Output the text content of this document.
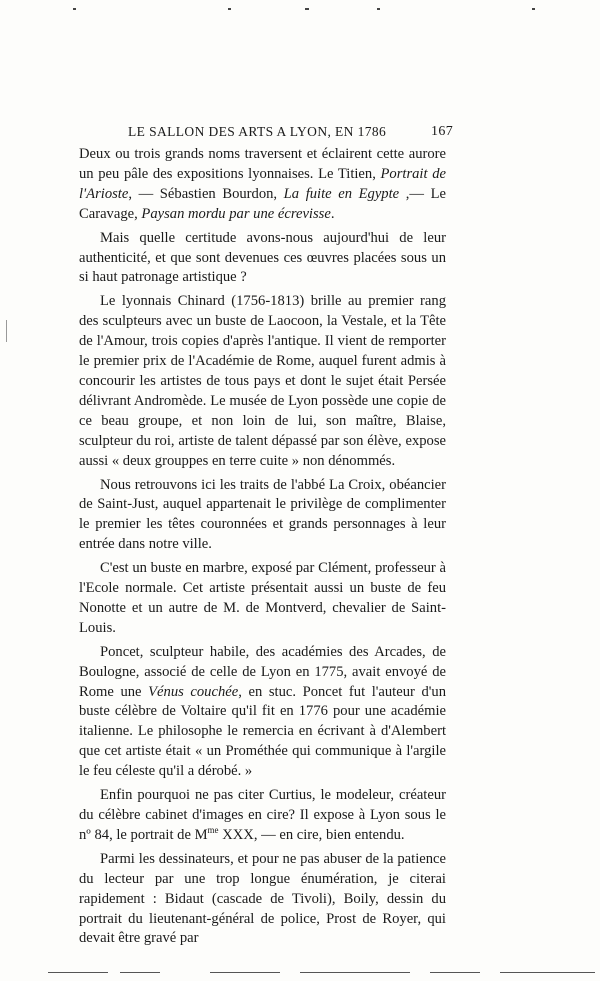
LE SALLON DES ARTS A LYON, EN 1786	167

Deux ou trois grands noms traversent et éclairent cette aurore un peu pâle des expositions lyonnaises. Le Titien, Portrait de l'Arioste, — Sébastien Bourdon, La fuite en Egypte ,— Le Caravage, Paysan mordu par une écrevisse.

Mais quelle certitude avons-nous aujourd'hui de leur authenticité, et que sont devenues ces œuvres placées sous un si haut patronage artistique ?

Le lyonnais Chinard (1756-1813) brille au premier rang des sculpteurs avec un buste de Laocoon, la Vestale, et la Tête de l'Amour, trois copies d'après l'antique. Il vient de remporter le premier prix de l'Académie de Rome, auquel furent admis à concourir les artistes de tous pays et dont le sujet était Persée délivrant Andromède. Le musée de Lyon possède une copie de ce beau groupe, et non loin de lui, son maître, Blaise, sculpteur du roi, artiste de talent dépassé par son élève, expose aussi « deux grouppes en terre cuite » non dénommés.

Nous retrouvons ici les traits de l'abbé La Croix, obéancier de Saint-Just, auquel appartenait le privilège de complimenter le premier les têtes couronnées et grands personnages à leur entrée dans notre ville.

C'est un buste en marbre, exposé par Clément, professeur à l'Ecole normale. Cet artiste présentait aussi un buste de feu Nonotte et un autre de M. de Montverd, chevalier de Saint-Louis.

Poncet, sculpteur habile, des académies des Arcades, de Boulogne, associé de celle de Lyon en 1775, avait envoyé de Rome une Vénus couchée, en stuc. Poncet fut l'auteur d'un buste célèbre de Voltaire qu'il fit en 1776 pour une académie italienne. Le philosophe le remercia en écrivant à d'Alembert que cet artiste était « un Prométhée qui communique à l'argile le feu céleste qu'il a dérobé. »

Enfin pourquoi ne pas citer Curtius, le modeleur, créateur du célèbre cabinet d'images en cire? Il expose à Lyon sous le nº 84, le portrait de $M^{me}$ XXX, — en cire, bien entendu.

Parmi les dessinateurs, et pour ne pas abuser de la patience du lecteur par une trop longue énumération, je citerai rapidement : Bidaut (cascade de Tivoli), Boily, dessin du portrait du lieutenant-général de police, Prost de Royer, qui devait être gravé par
